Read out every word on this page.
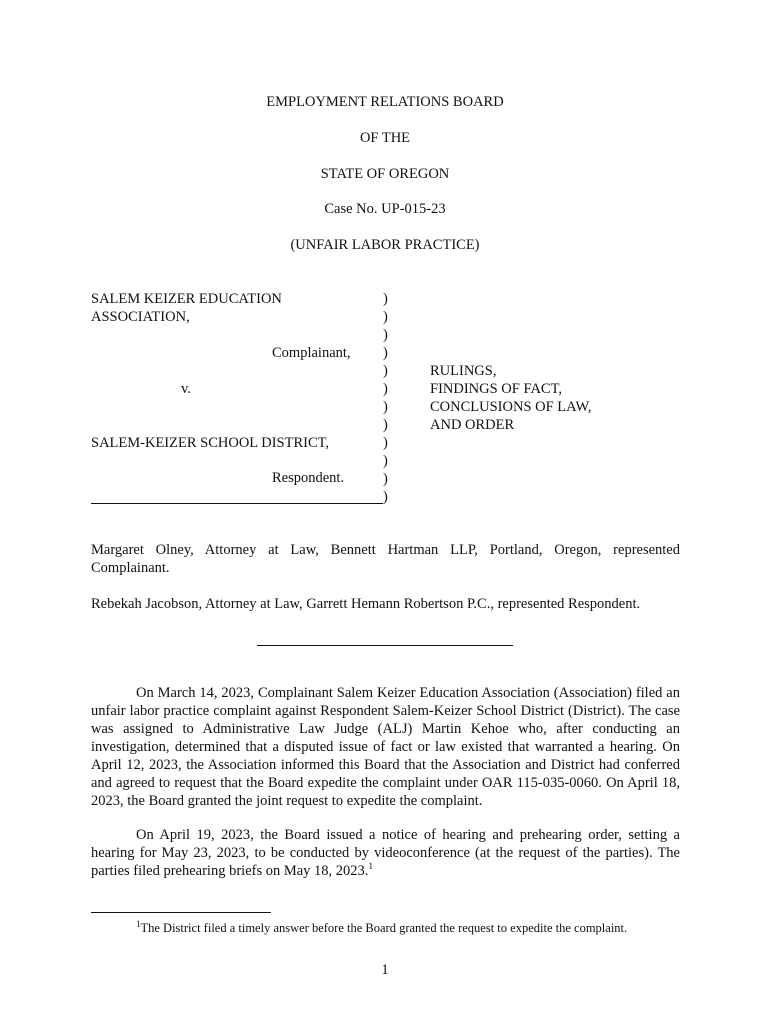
EMPLOYMENT RELATIONS BOARD
OF THE
STATE OF OREGON
Case No. UP-015-23
(UNFAIR LABOR PRACTICE)
SALEM KEIZER EDUCATION
ASSOCIATION,
Complainant,
v.
SALEM-KEIZER SCHOOL DISTRICT,
Respondent.
)
)
)
)
)
)
)
)
)
)
)
)
RULINGS,
FINDINGS OF FACT,
CONCLUSIONS OF LAW,
AND ORDER
Margaret Olney, Attorney at Law, Bennett Hartman LLP, Portland, Oregon, represented Complainant.
Rebekah Jacobson, Attorney at Law, Garrett Hemann Robertson P.C., represented Respondent.
On March 14, 2023, Complainant Salem Keizer Education Association (Association) filed an unfair labor practice complaint against Respondent Salem-Keizer School District (District). The case was assigned to Administrative Law Judge (ALJ) Martin Kehoe who, after conducting an investigation, determined that a disputed issue of fact or law existed that warranted a hearing. On April 12, 2023, the Association informed this Board that the Association and District had conferred and agreed to request that the Board expedite the complaint under OAR 115-035-0060. On April 18, 2023, the Board granted the joint request to expedite the complaint.
On April 19, 2023, the Board issued a notice of hearing and prehearing order, setting a hearing for May 23, 2023, to be conducted by videoconference (at the request of the parties). The parties filed prehearing briefs on May 18, 2023.$^1$
$^1$The District filed a timely answer before the Board granted the request to expedite the complaint.
1
